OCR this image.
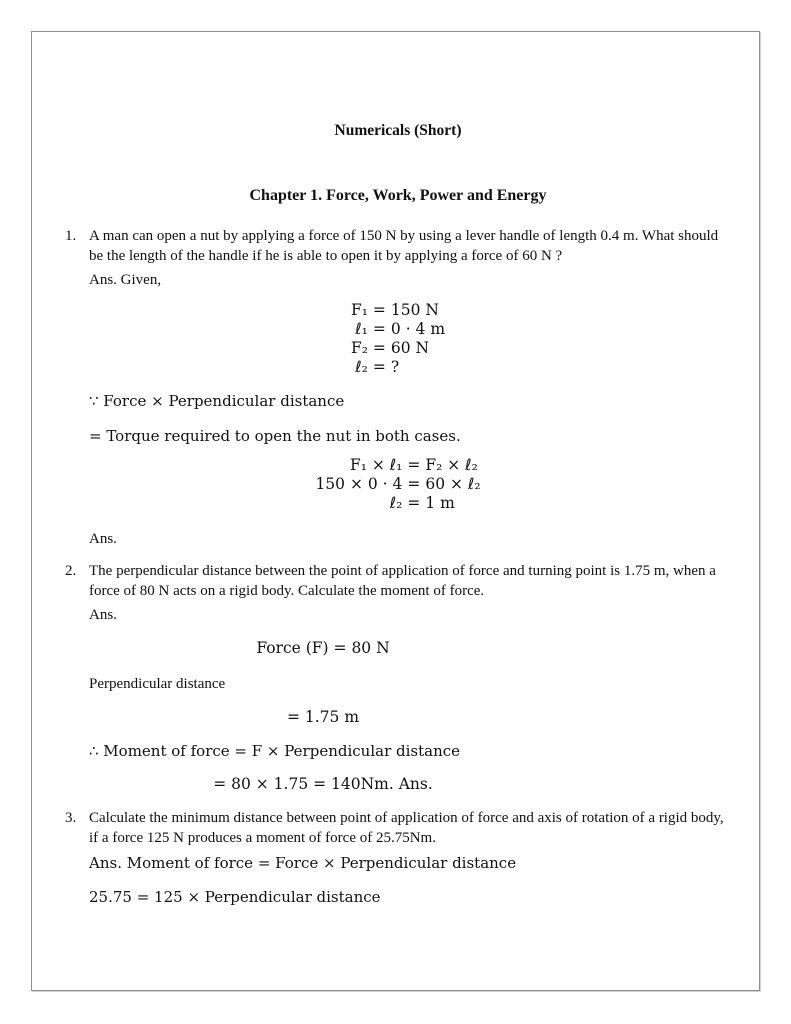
Numericals (Short)
Chapter 1. Force, Work, Power and Energy
1. A man can open a nut by applying a force of 150 N by using a lever handle of length 0.4 m. What should be the length of the handle if he is able to open it by applying a force of 60 N ?

Ans. Given,
F₁ = 150 N
ℓ₁ = 0 · 4 m
F₂ = 60 N
ℓ₂ = ?
∵ Force × Perpendicular distance
= Torque required to open the nut in both cases.
F₁ × ℓ₁ = F₂ × ℓ₂
150 × 0 · 4 = 60 × ℓ₂
ℓ₂ = 1 m
Ans.
2. The perpendicular distance between the point of application of force and turning point is 1.75 m, when a force of 80 N acts on a rigid body. Calculate the moment of force.

Ans.
Force (F) = 80 N
Perpendicular distance
= 1.75 m
∴ Moment of force = F × Perpendicular distance
= 80 × 1.75 = 140Nm. Ans.
3. Calculate the minimum distance between point of application of force and axis of rotation of a rigid body, if a force 125 N produces a moment of force of 25.75Nm.

Ans. Moment of force = Force × Perpendicular distance
25.75 = 125 × Perpendicular distance
